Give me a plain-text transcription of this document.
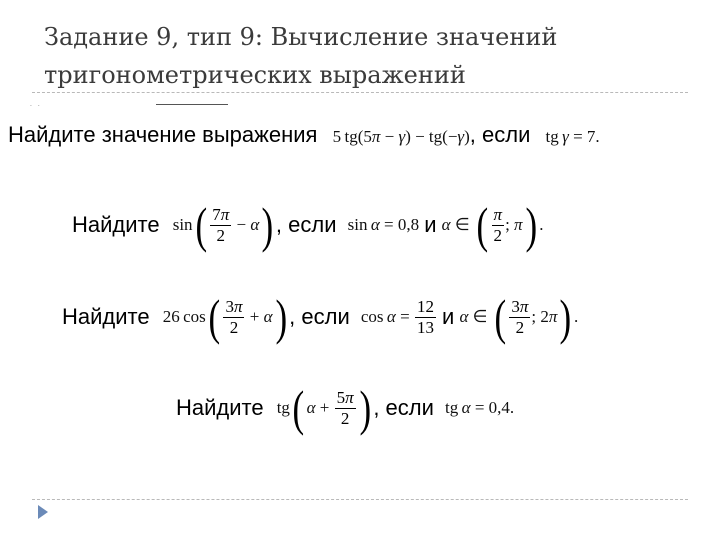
Задание 9, тип 9: Вычисление значений
тригонометрических выражений
· ·
Найдите значение выражения 5 tg(5π − γ) − tg(−γ), если tg γ = 7.
Найдите $\sin( \frac{7\pi}{2} - \alpha)$ , если sin α = 0,8 и α ∈ ( $\frac{\pi}{2}$ ; π) .
Найдите 26 $\cos( \frac{3\pi}{2} + \alpha)$ , если $\cos \alpha = \frac{12}{13}$ и α ∈ ( $\frac{3\pi}{2}$ ; 2π) .
Найдите tg( $\alpha + \frac{5\pi}{2}$ ) , если tg α = 0,4.
